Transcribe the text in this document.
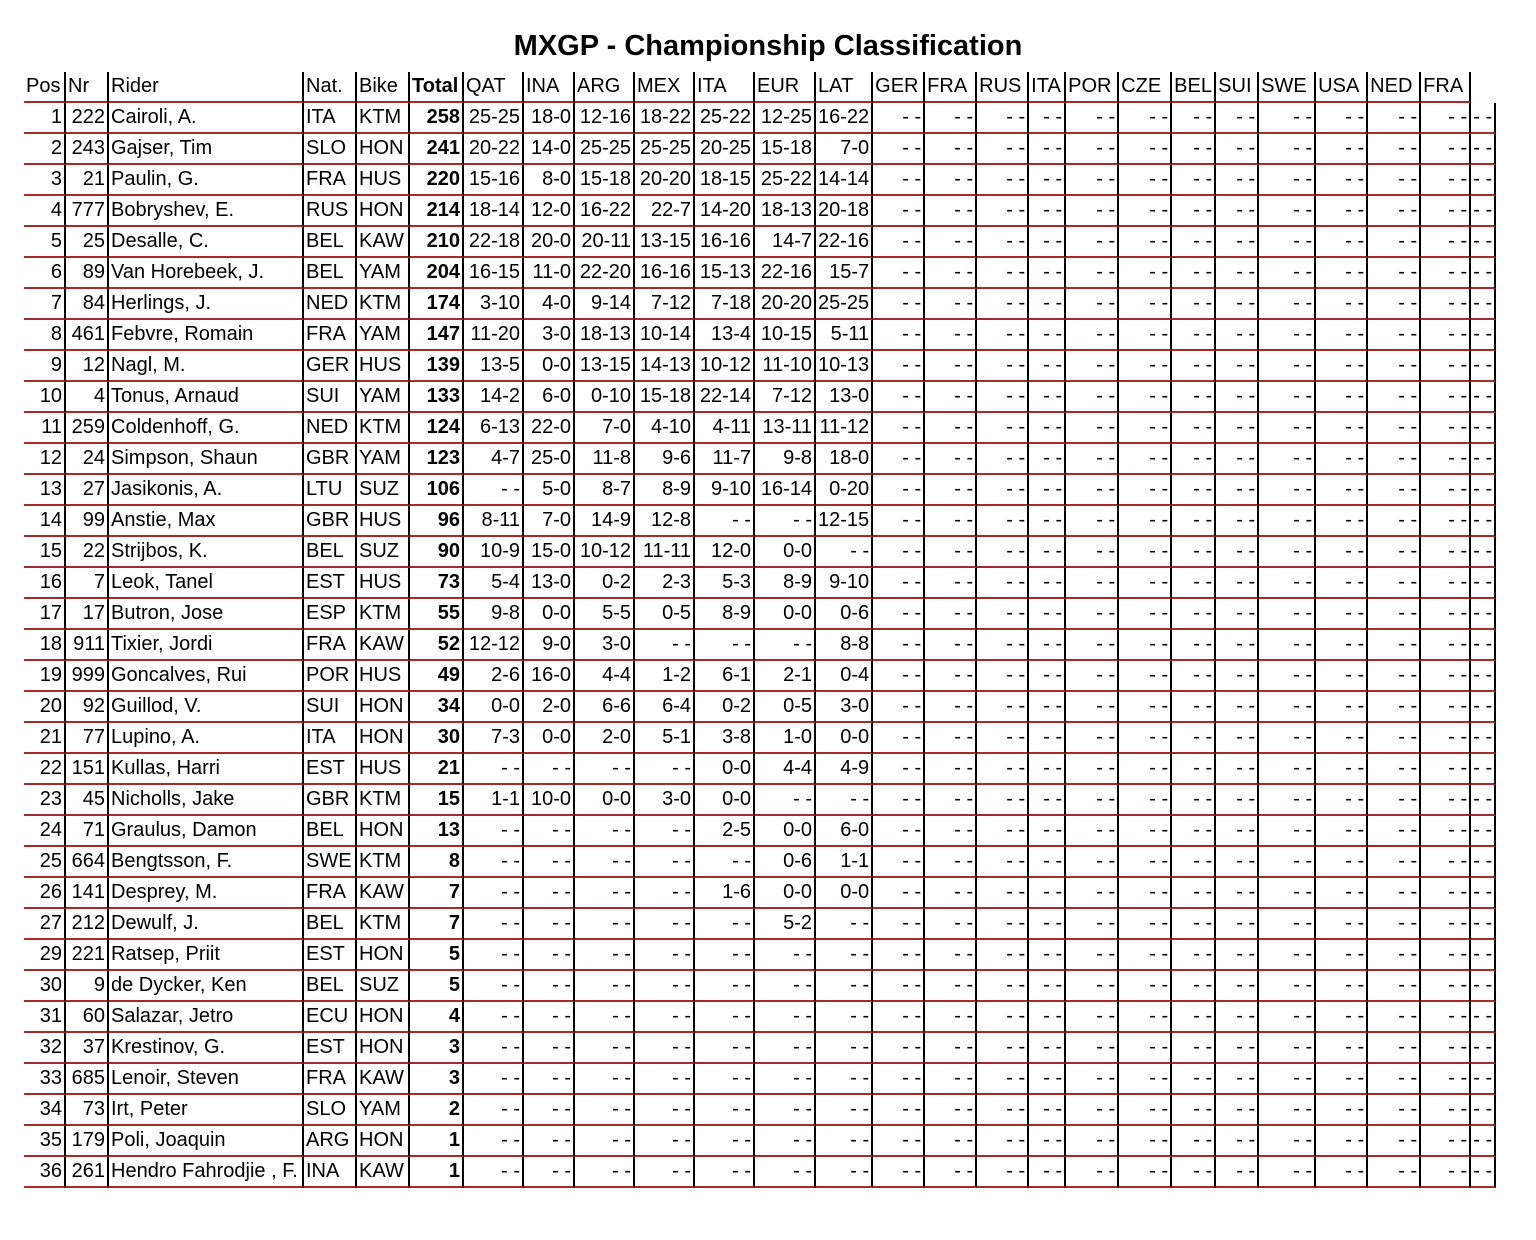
MXGP - Championship Classification
Pos	Nr	Rider	Nat.	Bike	Total	QAT	INA	ARG	MEX	ITA	EUR	LAT	GER	FRA	RUS	ITA	POR	CZE	BEL	SUI	SWE	USA	NED	FRA	
1	222	Cairoli, A.	ITA	KTM	258	25-25	18-0	12-16	18-22	25-22	12-25	16-22	- -	- -	- -	- -	- -	- -	- -	- -	- -	- -	- -	- -	- -
2	243	Gajser, Tim	SLO	HON	241	20-22	14-0	25-25	25-25	20-25	15-18	7-0	- -	- -	- -	- -	- -	- -	- -	- -	- -	- -	- -	- -	- -
3	21	Paulin, G.	FRA	HUS	220	15-16	8-0	15-18	20-20	18-15	25-22	14-14	- -	- -	- -	- -	- -	- -	- -	- -	- -	- -	- -	- -	- -
4	777	Bobryshev, E.	RUS	HON	214	18-14	12-0	16-22	22-7	14-20	18-13	20-18	- -	- -	- -	- -	- -	- -	- -	- -	- -	- -	- -	- -	- -
5	25	Desalle, C.	BEL	KAW	210	22-18	20-0	20-11	13-15	16-16	14-7	22-16	- -	- -	- -	- -	- -	- -	- -	- -	- -	- -	- -	- -	- -
6	89	Van Horebeek, J.	BEL	YAM	204	16-15	11-0	22-20	16-16	15-13	22-16	15-7	- -	- -	- -	- -	- -	- -	- -	- -	- -	- -	- -	- -	- -
7	84	Herlings, J.	NED	KTM	174	3-10	4-0	9-14	7-12	7-18	20-20	25-25	- -	- -	- -	- -	- -	- -	- -	- -	- -	- -	- -	- -	- -
8	461	Febvre, Romain	FRA	YAM	147	11-20	3-0	18-13	10-14	13-4	10-15	5-11	- -	- -	- -	- -	- -	- -	- -	- -	- -	- -	- -	- -	- -
9	12	Nagl, M.	GER	HUS	139	13-5	0-0	13-15	14-13	10-12	11-10	10-13	- -	- -	- -	- -	- -	- -	- -	- -	- -	- -	- -	- -	- -
10	4	Tonus, Arnaud	SUI	YAM	133	14-2	6-0	0-10	15-18	22-14	7-12	13-0	- -	- -	- -	- -	- -	- -	- -	- -	- -	- -	- -	- -	- -
11	259	Coldenhoff, G.	NED	KTM	124	6-13	22-0	7-0	4-10	4-11	13-11	11-12	- -	- -	- -	- -	- -	- -	- -	- -	- -	- -	- -	- -	- -
12	24	Simpson, Shaun	GBR	YAM	123	4-7	25-0	11-8	9-6	11-7	9-8	18-0	- -	- -	- -	- -	- -	- -	- -	- -	- -	- -	- -	- -	- -
13	27	Jasikonis, A.	LTU	SUZ	106	- -	5-0	8-7	8-9	9-10	16-14	0-20	- -	- -	- -	- -	- -	- -	- -	- -	- -	- -	- -	- -	- -
14	99	Anstie, Max	GBR	HUS	96	8-11	7-0	14-9	12-8	- -	- -	12-15	- -	- -	- -	- -	- -	- -	- -	- -	- -	- -	- -	- -	- -
15	22	Strijbos, K.	BEL	SUZ	90	10-9	15-0	10-12	11-11	12-0	0-0	- -	- -	- -	- -	- -	- -	- -	- -	- -	- -	- -	- -	- -	- -
16	7	Leok, Tanel	EST	HUS	73	5-4	13-0	0-2	2-3	5-3	8-9	9-10	- -	- -	- -	- -	- -	- -	- -	- -	- -	- -	- -	- -	- -
17	17	Butron, Jose	ESP	KTM	55	9-8	0-0	5-5	0-5	8-9	0-0	0-6	- -	- -	- -	- -	- -	- -	- -	- -	- -	- -	- -	- -	- -
18	911	Tixier, Jordi	FRA	KAW	52	12-12	9-0	3-0	- -	- -	- -	8-8	- -	- -	- -	- -	- -	- -	- -	- -	- -	- -	- -	- -	- -
19	999	Goncalves, Rui	POR	HUS	49	2-6	16-0	4-4	1-2	6-1	2-1	0-4	- -	- -	- -	- -	- -	- -	- -	- -	- -	- -	- -	- -	- -
20	92	Guillod, V.	SUI	HON	34	0-0	2-0	6-6	6-4	0-2	0-5	3-0	- -	- -	- -	- -	- -	- -	- -	- -	- -	- -	- -	- -	- -
21	77	Lupino, A.	ITA	HON	30	7-3	0-0	2-0	5-1	3-8	1-0	0-0	- -	- -	- -	- -	- -	- -	- -	- -	- -	- -	- -	- -	- -
22	151	Kullas, Harri	EST	HUS	21	- -	- -	- -	- -	0-0	4-4	4-9	- -	- -	- -	- -	- -	- -	- -	- -	- -	- -	- -	- -	- -
23	45	Nicholls, Jake	GBR	KTM	15	1-1	10-0	0-0	3-0	0-0	- -	- -	- -	- -	- -	- -	- -	- -	- -	- -	- -	- -	- -	- -	- -
24	71	Graulus, Damon	BEL	HON	13	- -	- -	- -	- -	2-5	0-0	6-0	- -	- -	- -	- -	- -	- -	- -	- -	- -	- -	- -	- -	- -
25	664	Bengtsson, F.	SWE	KTM	8	- -	- -	- -	- -	- -	0-6	1-1	- -	- -	- -	- -	- -	- -	- -	- -	- -	- -	- -	- -	- -
26	141	Desprey, M.	FRA	KAW	7	- -	- -	- -	- -	1-6	0-0	0-0	- -	- -	- -	- -	- -	- -	- -	- -	- -	- -	- -	- -	- -
27	212	Dewulf, J.	BEL	KTM	7	- -	- -	- -	- -	- -	5-2	- -	- -	- -	- -	- -	- -	- -	- -	- -	- -	- -	- -	- -	- -
29	221	Ratsep, Priit	EST	HON	5	- -	- -	- -	- -	- -	- -	- -	- -	- -	- -	- -	- -	- -	- -	- -	- -	- -	- -	- -	- -
30	9	de Dycker, Ken	BEL	SUZ	5	- -	- -	- -	- -	- -	- -	- -	- -	- -	- -	- -	- -	- -	- -	- -	- -	- -	- -	- -	- -
31	60	Salazar, Jetro	ECU	HON	4	- -	- -	- -	- -	- -	- -	- -	- -	- -	- -	- -	- -	- -	- -	- -	- -	- -	- -	- -	- -
32	37	Krestinov, G.	EST	HON	3	- -	- -	- -	- -	- -	- -	- -	- -	- -	- -	- -	- -	- -	- -	- -	- -	- -	- -	- -	- -
33	685	Lenoir, Steven	FRA	KAW	3	- -	- -	- -	- -	- -	- -	- -	- -	- -	- -	- -	- -	- -	- -	- -	- -	- -	- -	- -	- -
34	73	Irt, Peter	SLO	YAM	2	- -	- -	- -	- -	- -	- -	- -	- -	- -	- -	- -	- -	- -	- -	- -	- -	- -	- -	- -	- -
35	179	Poli, Joaquin	ARG	HON	1	- -	- -	- -	- -	- -	- -	- -	- -	- -	- -	- -	- -	- -	- -	- -	- -	- -	- -	- -	- -
36	261	Hendro Fahrodjie , F.	INA	KAW	1	- -	- -	- -	- -	- -	- -	- -	- -	- -	- -	- -	- -	- -	- -	- -	- -	- -	- -	- -	- -
